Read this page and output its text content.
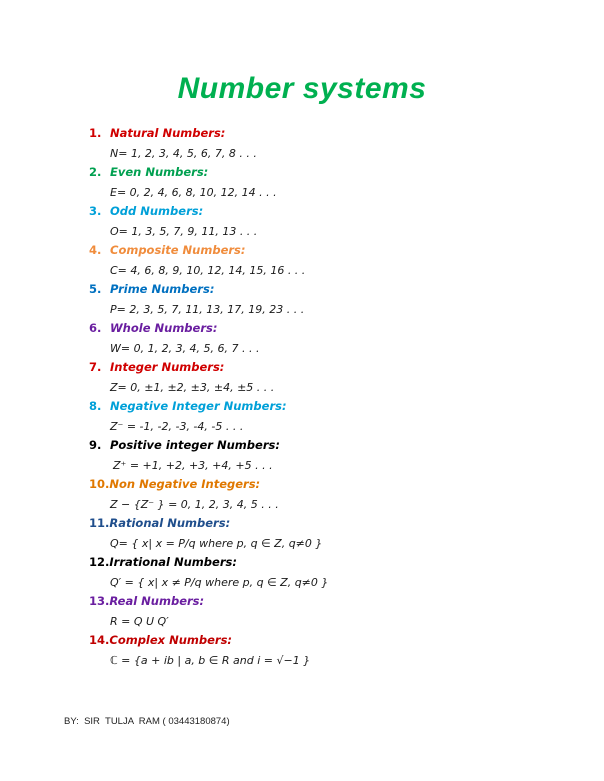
Number systems
1. Natural Numbers:
N= 1, 2, 3, 4, 5, 6, 7, 8 . . .
2. Even Numbers:
E= 0, 2, 4, 6, 8, 10, 12, 14 . . .
3. Odd Numbers:
O= 1, 3, 5, 7, 9, 11, 13 . . .
4. Composite Numbers:
C= 4, 6, 8, 9, 10, 12, 14, 15, 16 . . .
5. Prime Numbers:
P= 2, 3, 5, 7, 11, 13, 17, 19, 23 . . .
6. Whole Numbers:
W= 0, 1, 2, 3, 4, 5, 6, 7 . . .
7. Integer Numbers:
Z= 0, ±1, ±2, ±3, ±4, ±5 . . .
8. Negative Integer Numbers:
Z⁻ = -1, -2, -3, -4, -5 . . .
9. Positive integer Numbers:
Z⁺ = +1, +2, +3, +4, +5 . . .
10.Non Negative Integers:
Z − {Z⁻ } = 0, 1, 2, 3, 4, 5 . . .
11.Rational Numbers:
Q= { x| x = P/q where p, q ∈ Z, q≠0 }
12.Irrational Numbers:
Q′ = { x| x ≠ P/q where p, q ∈ Z, q≠0 }
13.Real Numbers:
R = Q U Q′
14.Complex Numbers:
ℂ = {a + ib | a, b ∈ R and i = √−1 }
BY:  SIR  TULJA  RAM ( 03443180874)
